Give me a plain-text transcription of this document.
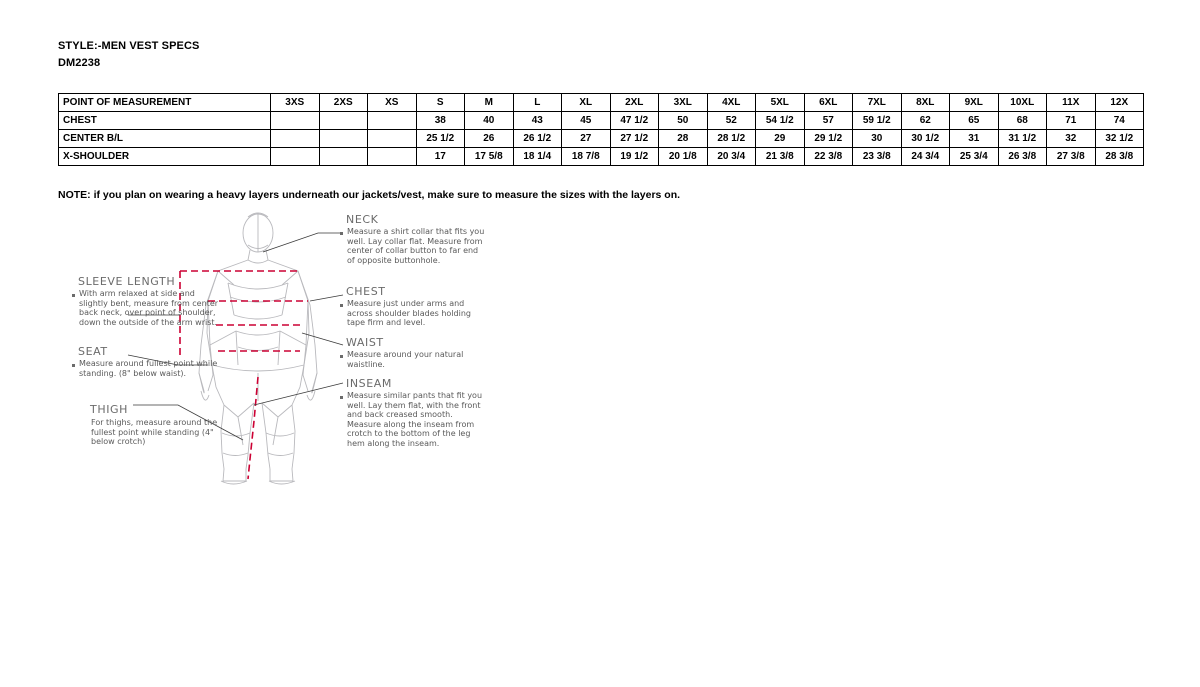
STYLE:-MEN VEST SPECS
DM2238
POINT OF MEASUREMENT	3XS	2XS	XS	S	M	L	XL	2XL	3XL	4XL	5XL	6XL	7XL	8XL	9XL	10XL	11X	12X
CHEST				38	40	43	45	47 1/2	50	52	54 1/2	57	59 1/2	62	65	68	71	74
CENTER B/L				25 1/2	26	26 1/2	27	27 1/2	28	28 1/2	29	29 1/2	30	30 1/2	31	31 1/2	32	32 1/2
X-SHOULDER				17	17 5/8	18 1/4	18 7/8	19 1/2	20 1/8	20 3/4	21 3/8	22 3/8	23 3/8	24 3/4	25 3/4	26 3/8	27 3/8	28 3/8
NOTE: if you plan on wearing a heavy layers underneath our jackets/vest, make sure to measure the sizes with the layers on.
NECK
Measure a shirt collar that fits you well. Lay collar flat. Measure from center of collar button to far end of opposite buttonhole.
CHEST
Measure just under arms and across shoulder blades holding tape firm and level.
WAIST
Measure around your natural waistline.
INSEAM
Measure similar pants that fit you well. Lay them flat, with the front and back creased smooth. Measure along the inseam from crotch to the bottom of the leg hem along the inseam.
SLEEVE LENGTH
With arm relaxed at side and slightly bent, measure from center back neck, over point of shoulder, down the outside of the arm wrist.
SEAT
Measure around fullest point while standing. (8" below waist).
THIGH
For thighs, measure around the fullest point while standing (4" below crotch)
